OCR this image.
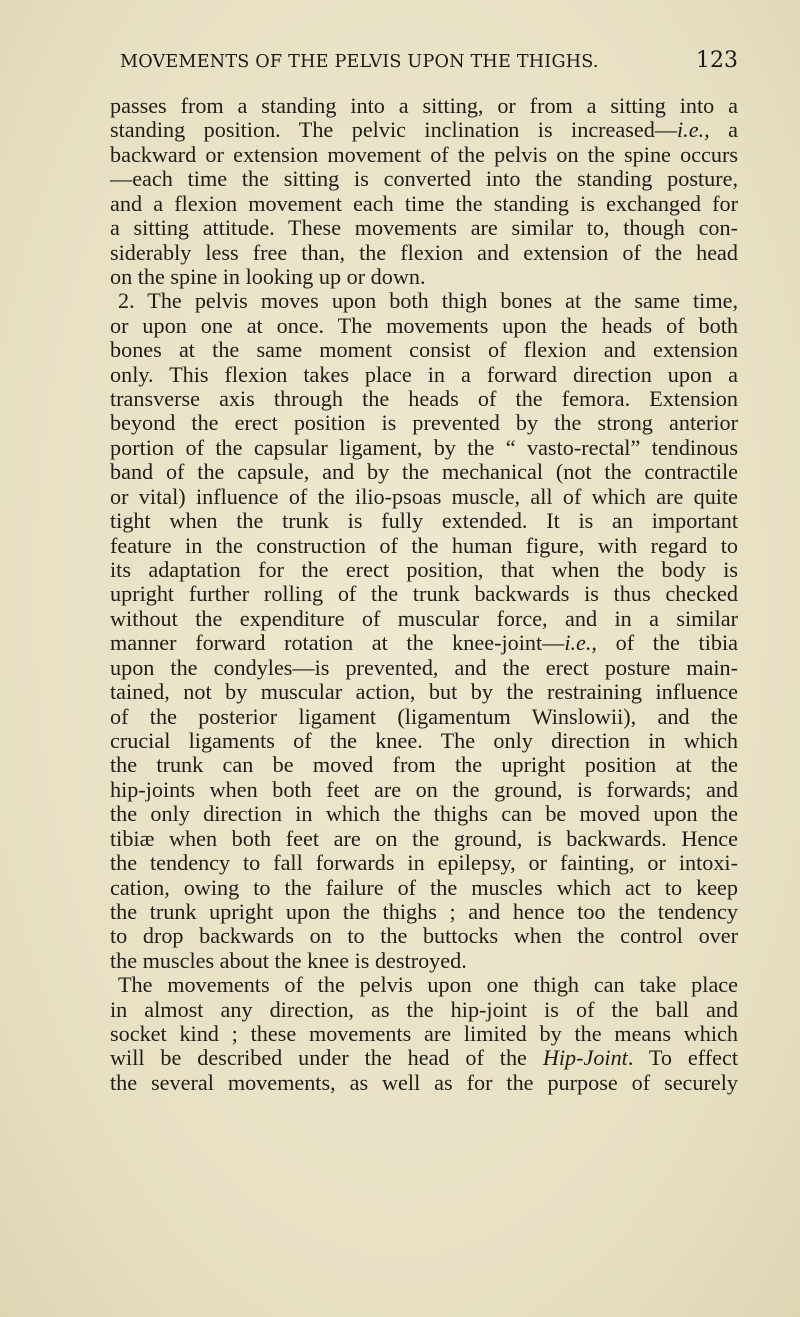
MOVEMENTS OF THE PELVIS UPON THE THIGHS.	123
passes from a standing into a sitting, or from a sitting into a
standing position. The pelvic inclination is increased—i.e., a
backward or extension movement of the pelvis on the spine occurs
—each time the sitting is converted into the standing posture,
and a flexion movement each time the standing is exchanged for
a sitting attitude. These movements are similar to, though con-
siderably less free than, the flexion and extension of the head
on the spine in looking up or down.
2. The pelvis moves upon both thigh bones at the same time,
or upon one at once. The movements upon the heads of both
bones at the same moment consist of flexion and extension
only. This flexion takes place in a forward direction upon a
transverse axis through the heads of the femora. Extension
beyond the erect position is prevented by the strong anterior
portion of the capsular ligament, by the “ vasto-rectal” tendinous
band of the capsule, and by the mechanical (not the contractile
or vital) influence of the ilio-psoas muscle, all of which are quite
tight when the trunk is fully extended. It is an important
feature in the construction of the human figure, with regard to
its adaptation for the erect position, that when the body is
upright further rolling of the trunk backwards is thus checked
without the expenditure of muscular force, and in a similar
manner forward rotation at the knee-joint—i.e., of the tibia
upon the condyles—is prevented, and the erect posture main-
tained, not by muscular action, but by the restraining influence
of the posterior ligament (ligamentum Winslowii), and the
crucial ligaments of the knee. The only direction in which
the trunk can be moved from the upright position at the
hip-joints when both feet are on the ground, is forwards; and
the only direction in which the thighs can be moved upon the
tibiæ when both feet are on the ground, is backwards. Hence
the tendency to fall forwards in epilepsy, or fainting, or intoxi-
cation, owing to the failure of the muscles which act to keep
the trunk upright upon the thighs ; and hence too the tendency
to drop backwards on to the buttocks when the control over
the muscles about the knee is destroyed.
The movements of the pelvis upon one thigh can take place
in almost any direction, as the hip-joint is of the ball and
socket kind ; these movements are limited by the means which
will be described under the head of the Hip-Joint. To effect
the several movements, as well as for the purpose of securely
